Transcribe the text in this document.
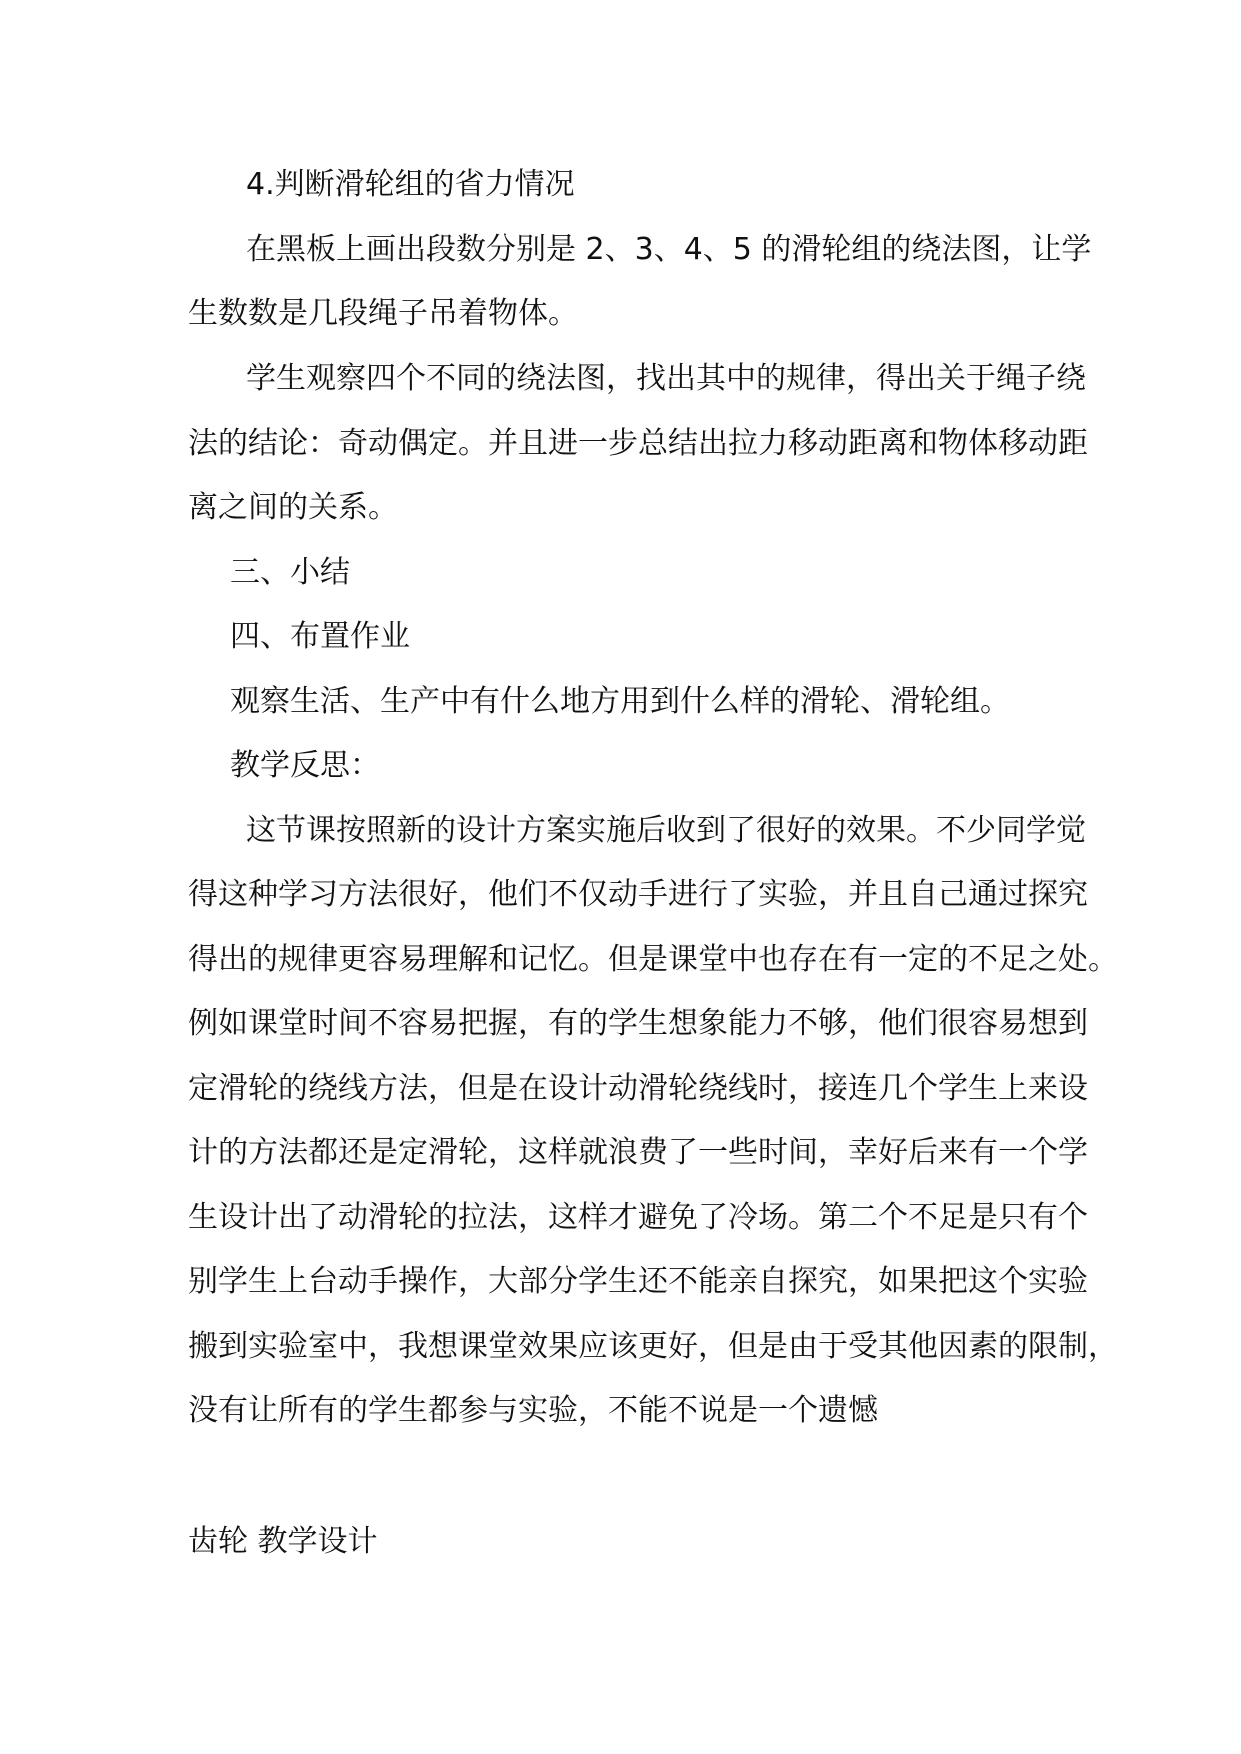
4.判断滑轮组的省力情况
在黑板上画出段数分别是 2、3、4、5 的滑轮组的绕法图，让学
生数数是几段绳子吊着物体。
学生观察四个不同的绕法图，找出其中的规律，得出关于绳子绕
法的结论：奇动偶定。并且进一步总结出拉力移动距离和物体移动距
离之间的关系。
三、小结
四、布置作业
观察生活、生产中有什么地方用到什么样的滑轮、滑轮组。
教学反思：
这节课按照新的设计方案实施后收到了很好的效果。不少同学觉
得这种学习方法很好，他们不仅动手进行了实验，并且自己通过探究
得出的规律更容易理解和记忆。但是课堂中也存在有一定的不足之处。
例如课堂时间不容易把握，有的学生想象能力不够，他们很容易想到
定滑轮的绕线方法，但是在设计动滑轮绕线时，接连几个学生上来设
计的方法都还是定滑轮，这样就浪费了一些时间，幸好后来有一个学
生设计出了动滑轮的拉法，这样才避免了冷场。第二个不足是只有个
别学生上台动手操作，大部分学生还不能亲自探究，如果把这个实验
搬到实验室中，我想课堂效果应该更好，但是由于受其他因素的限制，
没有让所有的学生都参与实验，不能不说是一个遗憾
齿轮 教学设计
